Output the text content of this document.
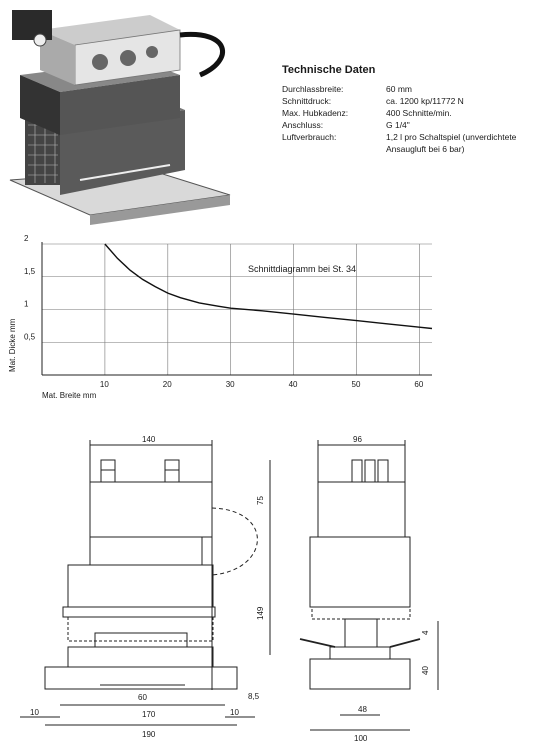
Technische Daten
Durchlassbreite:	60 mm
Schnittdruck:	ca. 1200 kp/11772 N
Max. Hubkadenz:	400 Schnitte/min.
Anschluss:	G 1/4"
Luftverbrauch:	1,2 l pro Schaltspiel (unverdichtete
Ansaugluft bei 6 bar)
10	20	30	40	50	60
0,5
1
1,5
2
Schnittdiagramm bei St. 34
Mat. Breite mm
Mat. Dicke mm
140
60
170
190
10	10
8,5
75
149
96
48
100
4
40
